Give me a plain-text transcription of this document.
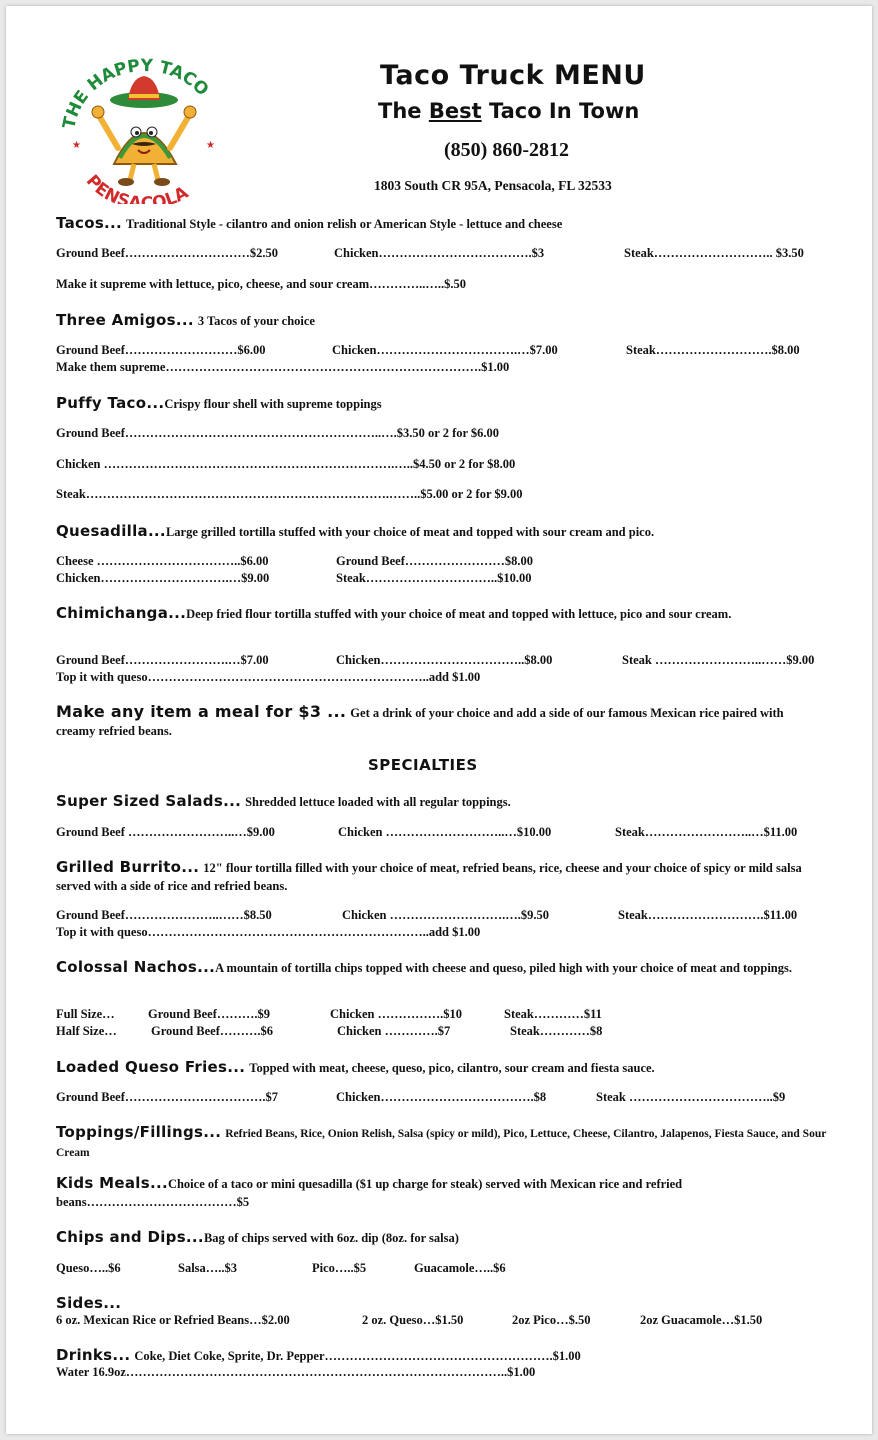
THE HAPPY TACO
PENSACOLA
★	★
Taco Truck MENU
The Best Taco In Town
(850) 860-2812
1803 South CR 95A, Pensacola, FL 32533
Tacos... Traditional Style - cilantro and onion relish or American Style - lettuce and cheese
Ground Beef…………………………$2.50	Chicken……………………………….$3	Steak……………………….. $3.50
Make it supreme with lettuce, pico, cheese, and sour cream…………..…..$.50
Three Amigos... 3 Tacos of your choice
Ground Beef………………………$6.00	Chicken…………………………….…$7.00	Steak……………………….$8.00
Make them supreme………………………………………………………………….$1.00
Puffy Taco...Crispy flour shell with supreme toppings
Ground Beef……………………………………………………..….$3.50 or 2 for $6.00
Chicken …………………………………………………………….…..$4.50 or 2 for $8.00
Steak……………………………………………………………….……..$5.00 or 2 for $9.00
Quesadilla...Large grilled tortilla stuffed with your choice of meat and topped with sour cream and pico.
Cheese ……………………………..$6.00	Ground Beef……………………$8.00
Chicken………………………….…$9.00	Steak…………………………..$10.00
Chimichanga...Deep fried flour tortilla stuffed with your choice of meat and topped with lettuce, pico and sour cream.
Ground Beef…………………….…$7.00	Chicken……………………………..$8.00	Steak ……………………..……$9.00
Top it with queso…………………………………………………………..add $1.00
Make any item a meal for $3 ... Get a drink of your choice and add a side of our famous Mexican rice paired with creamy refried beans.
SPECIALTIES
Super Sized Salads... Shredded lettuce loaded with all regular toppings.
Ground Beef ……………………..…$9.00	Chicken ………………………..…$10.00	Steak……………………..…$11.00
Grilled Burrito... 12" flour tortilla filled with your choice of meat, refried beans, rice, cheese and your choice of spicy or mild salsa served with a side of rice and refried beans.
Ground Beef…………………..……$8.50	Chicken ……………………….….$9.50	Steak……………………….$11.00
Top it with queso…………………………………………………………..add $1.00
Colossal Nachos...A mountain of tortilla chips topped with cheese and queso, piled high with your choice of meat and toppings.
Full Size…	Ground Beef……….$9	Chicken …………….$10	Steak…………$11
Half Size…	Ground Beef……….$6	Chicken ………….$7	Steak…………$8
Loaded Queso Fries... Topped with meat, cheese, queso, pico, cilantro, sour cream and fiesta sauce.
Ground Beef…………………………….$7	Chicken……………………………….$8	Steak ……………………………..$9
Toppings/Fillings... Refried Beans, Rice, Onion Relish, Salsa (spicy or mild), Pico, Lettuce, Cheese, Cilantro, Jalapenos, Fiesta Sauce, and Sour Cream
Kids Meals...Choice of a taco or mini quesadilla ($1 up charge for steak) served with Mexican rice and refried beans………………………………$5
Chips and Dips...Bag of chips served with 6oz. dip (8oz. for salsa)
Queso…..$6	Salsa…..$3	Pico…..$5	Guacamole…..$6
Sides...
6 oz. Mexican Rice or Refried Beans…$2.00	2 oz. Queso…$1.50	2oz Pico…$.50	2oz Guacamole…$1.50
Drinks... Coke, Diet Coke, Sprite, Dr. Pepper……………………………………………….$1.00
Water 16.9oz………………………………………………………………………………..$1.00
